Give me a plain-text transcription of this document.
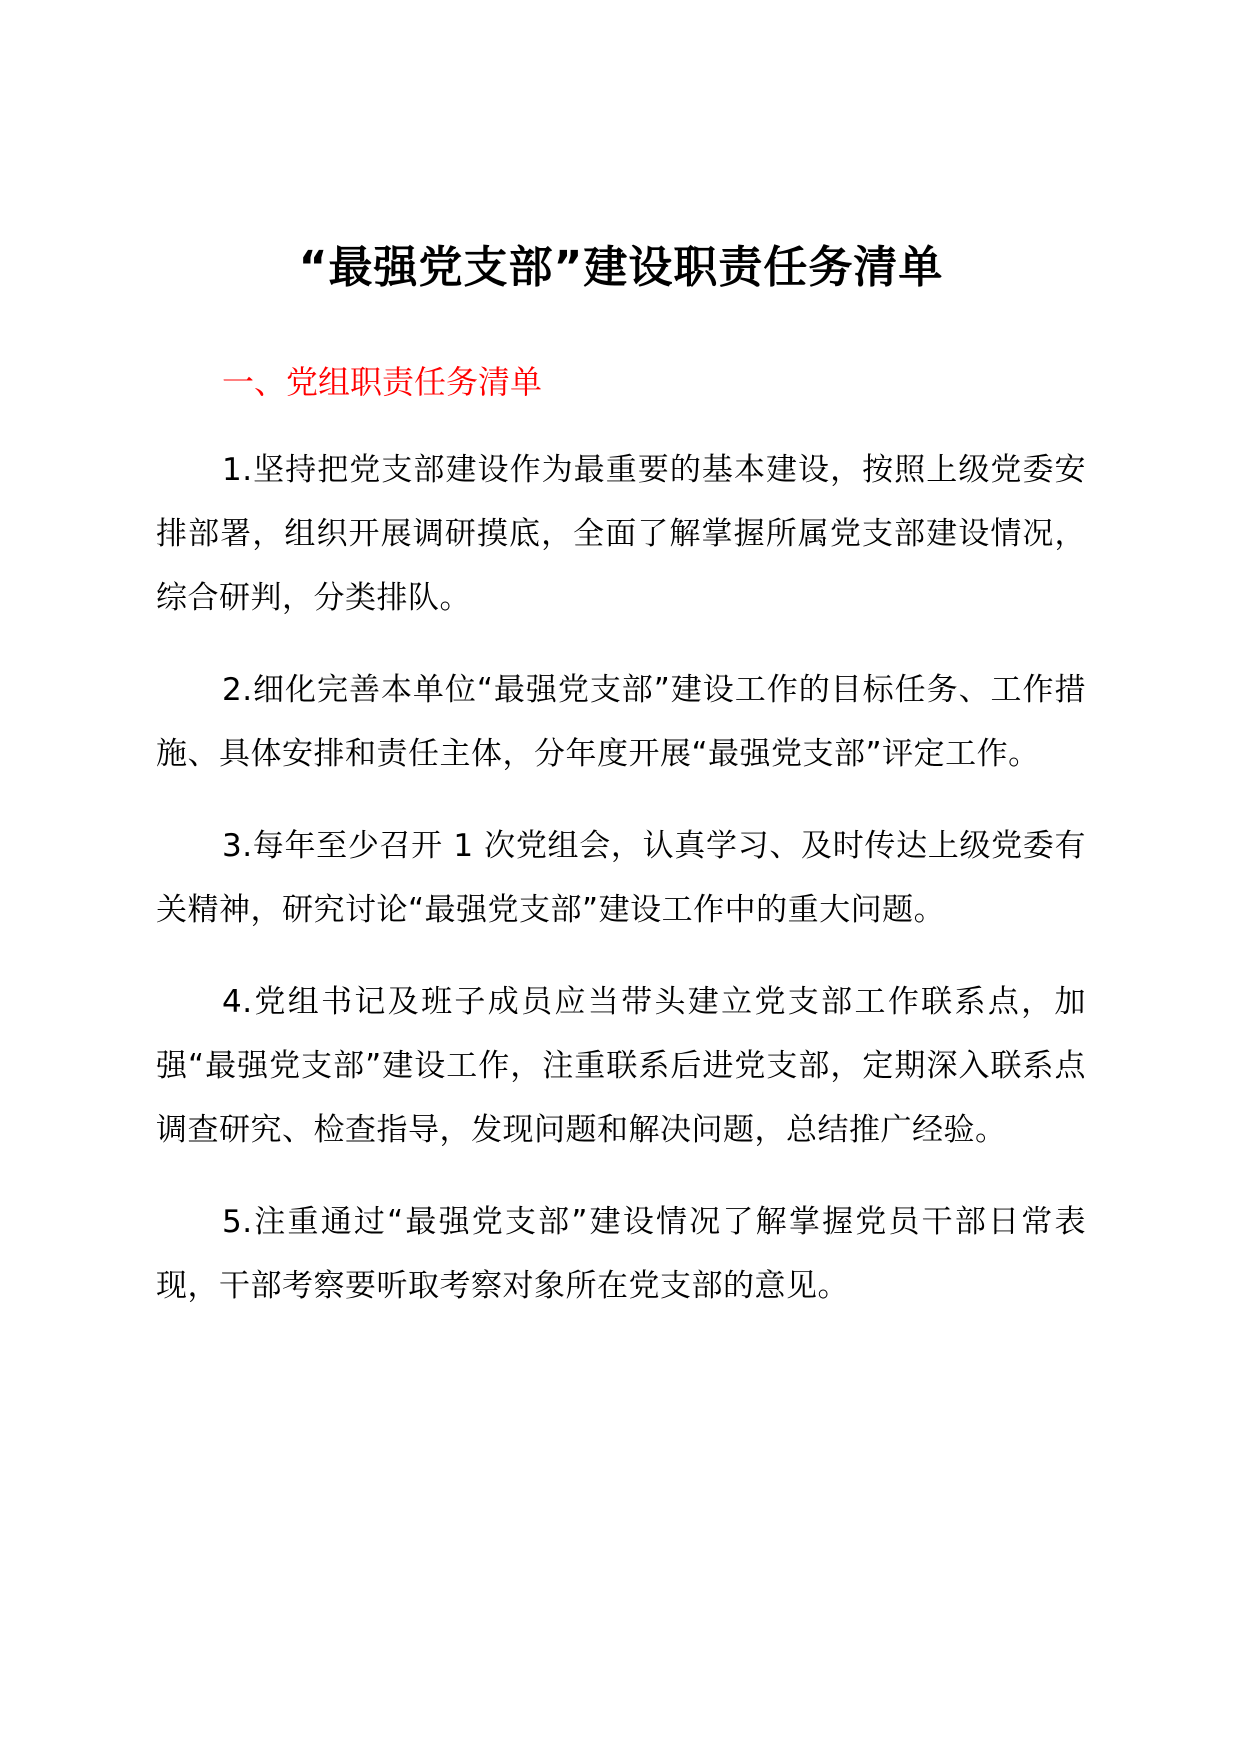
“最强党支部”建设职责任务清单
一、党组职责任务清单

1.坚持把党支部建设作为最重要的基本建设，按照上级党委安排部署，组织开展调研摸底，全面了解掌握所属党支部建设情况，综合研判，分类排队。

2.细化完善本单位“最强党支部”建设工作的目标任务、工作措施、具体安排和责任主体，分年度开展“最强党支部”评定工作。

3.每年至少召开 1 次党组会，认真学习、及时传达上级党委有关精神，研究讨论“最强党支部”建设工作中的重大问题。

4.党组书记及班子成员应当带头建立党支部工作联系点，加强“最强党支部”建设工作，注重联系后进党支部，定期深入联系点调查研究、检查指导，发现问题和解决问题，总结推广经验。

5.注重通过“最强党支部”建设情况了解掌握党员干部日常表现，干部考察要听取考察对象所在党支部的意见。
